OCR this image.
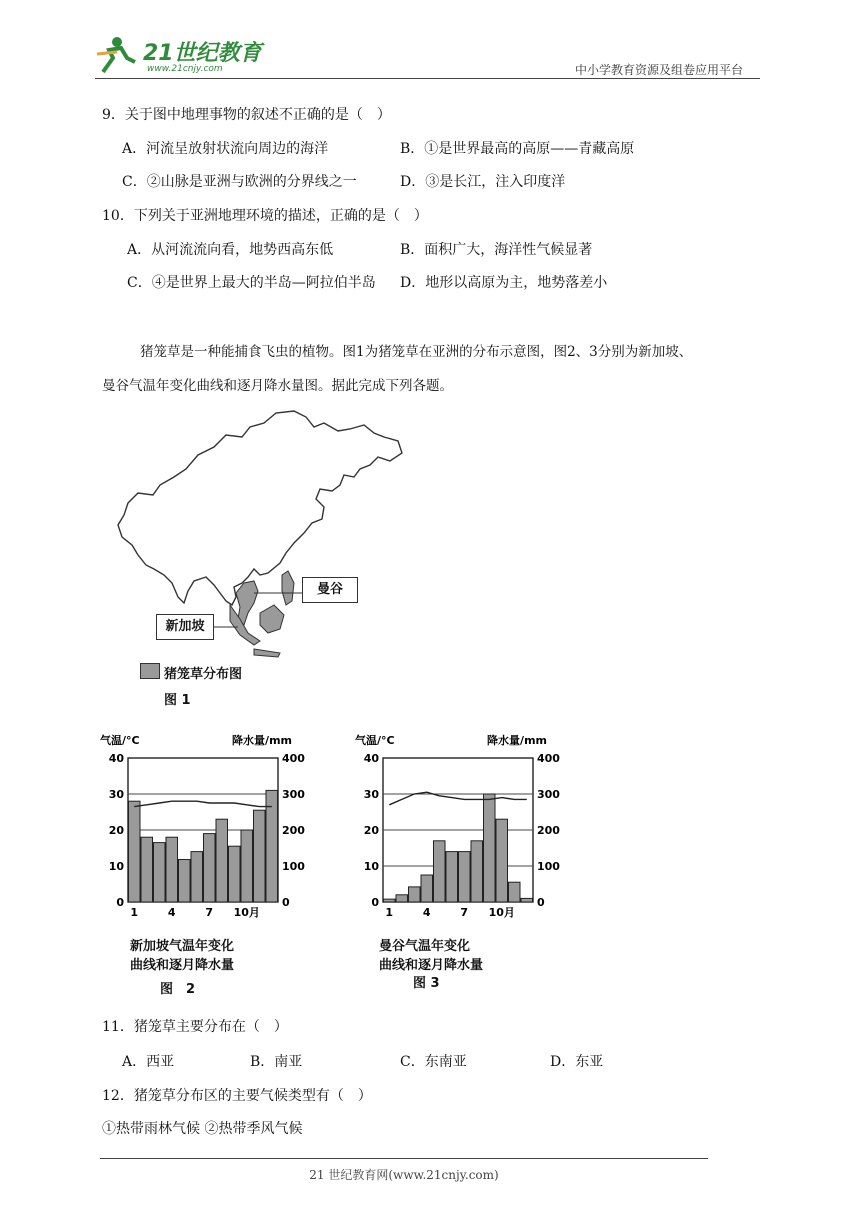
21世纪教育
www.21cnjy.com	中小学教育资源及组卷应用平台
9．关于图中地理事物的叙述不正确的是（　）
A．河流呈放射状流向周边的海洋	B．①是世界最高的高原——青藏高原
C．②山脉是亚洲与欧洲的分界线之一	D．③是长江，注入印度洋
10．下列关于亚洲地理环境的描述，正确的是（　）
A．从河流流向看，地势西高东低	B．面积广大，海洋性气候显著
C．④是世界上最大的半岛—阿拉伯半岛 D．地形以高原为主，地势落差小
猪笼草是一种能捕食飞虫的植物。图1为猪笼草在亚洲的分布示意图，图2、3分别为新加坡、
曼谷气温年变化曲线和逐月降水量图。据此完成下列各题。
曼谷
新加坡
猪笼草分布图
图 1
气温/°C	降水量/mm
40	400
30	300
20	200
10	100
0	0
1	4	7 10月
新加坡气温年变化
曲线和逐月降水量
图　2
气温/°C	降水量/mm
40	400
30	300
20	200
10	100
0	0
1	4	7 10月
曼谷气温年变化
曲线和逐月降水量
图 3
11．猪笼草主要分布在（　）
A．西亚	B．南亚	C．东南亚	D．东亚
12．猪笼草分布区的主要气候类型有（　）
①热带雨林气候 ②热带季风气候
21 世纪教育网(www.21cnjy.com)
